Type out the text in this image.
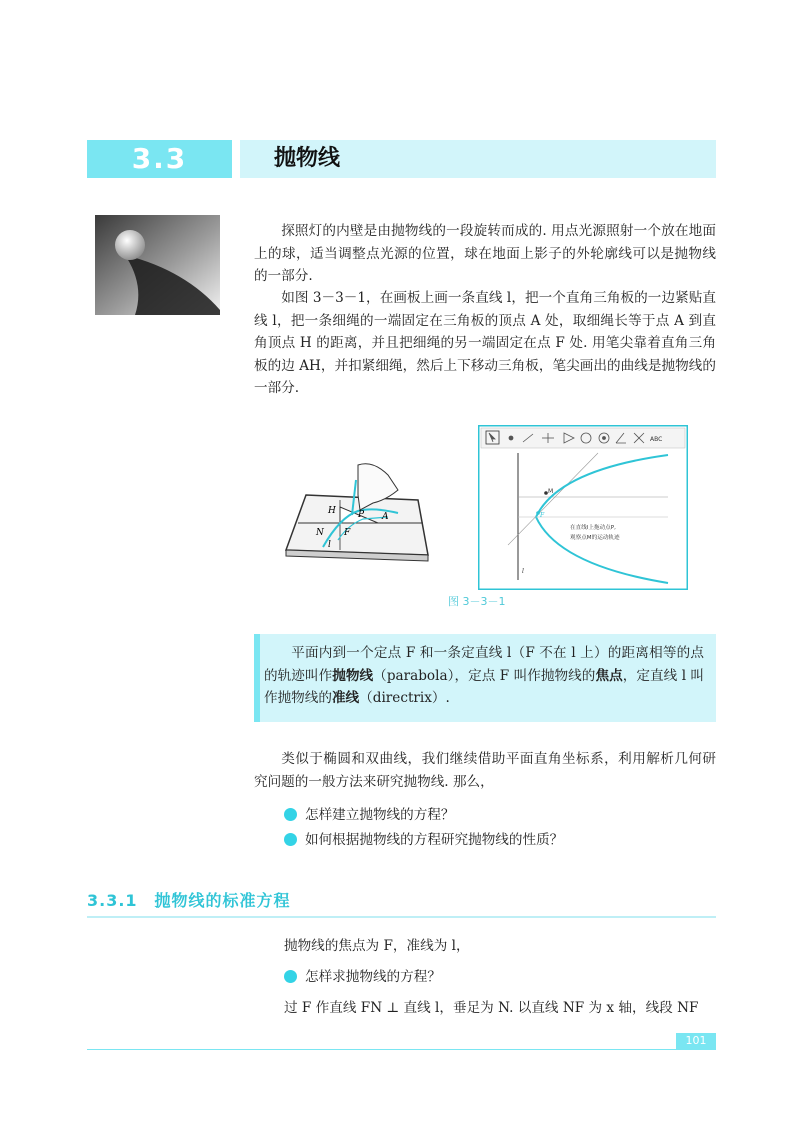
3.3	抛物线
探照灯的内壁是由抛物线的一段旋转而成的. 用点光源照射一个放在地面上的球，适当调整点光源的位置，球在地面上影子的外轮廓线可以是抛物线的一部分.
如图 3－3－1，在画板上画一条直线 l，把一个直角三角板的一边紧贴直线 l，把一条细绳的一端固定在三角板的顶点 A 处，取细绳长等于点 A 到直角顶点 H 的距离，并且把细绳的另一端固定在点 F 处. 用笔尖靠着直角三角板的边 AH，并扣紧细绳，然后上下移动三角板，笔尖画出的曲线是抛物线的一部分.
H P A
N F
l
ABC
M
F
l
在直线l上拖动点P,
观察点M的运动轨迹
图 3－3－1
平面内到一个定点 F 和一条定直线 l（F 不在 l 上）的距离相等的点的轨迹叫作抛物线（parabola），定点 F 叫作抛物线的焦点，定直线 l 叫作抛物线的准线（directrix）.
类似于椭圆和双曲线，我们继续借助平面直角坐标系，利用解析几何研究问题的一般方法来研究抛物线. 那么，
怎样建立抛物线的方程？
如何根据抛物线的方程研究抛物线的性质？
3.3.1　抛物线的标准方程
抛物线的焦点为 F，准线为 l，
怎样求抛物线的方程？
过 F 作直线 FN ⊥ 直线 l，垂足为 N. 以直线 NF 为 x 轴，线段 NF
101
